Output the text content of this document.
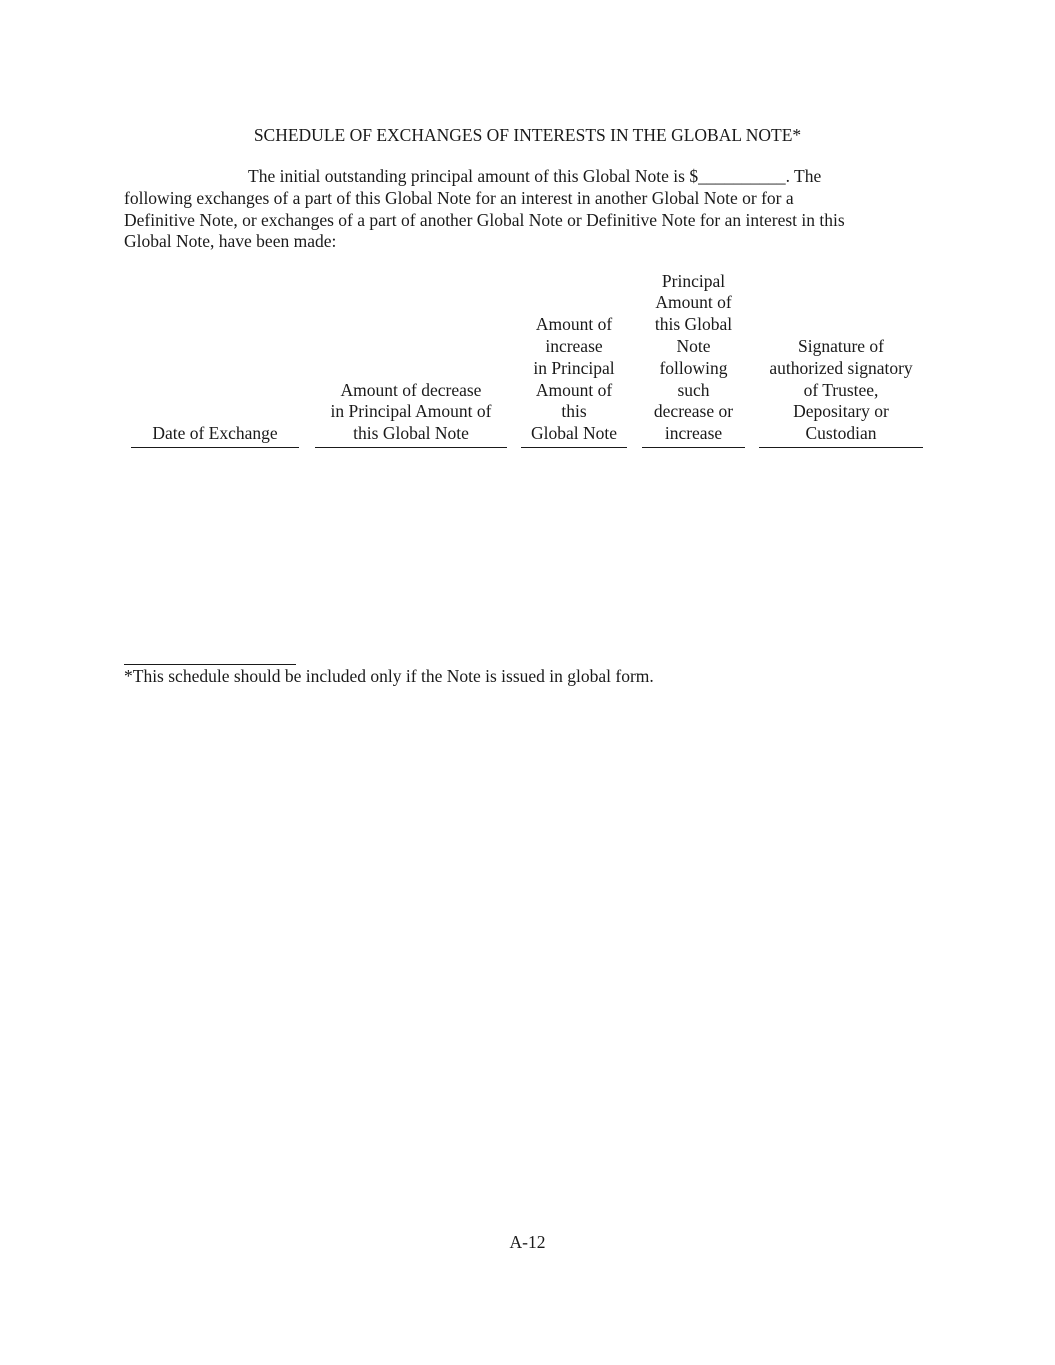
SCHEDULE OF EXCHANGES OF INTERESTS IN THE GLOBAL NOTE*
The initial outstanding principal amount of this Global Note is $__________. The
following exchanges of a part of this Global Note for an interest in another Global Note or for a
Definitive Note, or exchanges of a part of another Global Note or Definitive Note for an interest in this
Global Note, have been made:
Date of Exchange
Amount of decrease
in Principal Amount of
this Global Note
Amount of
increase
in Principal
Amount of
this
Global Note
Principal
Amount of
this Global
Note
following
such
decrease or
increase
Signature of
authorized signatory
of Trustee,
Depositary or
Custodian
*This schedule should be included only if the Note is issued in global form.
A-12
